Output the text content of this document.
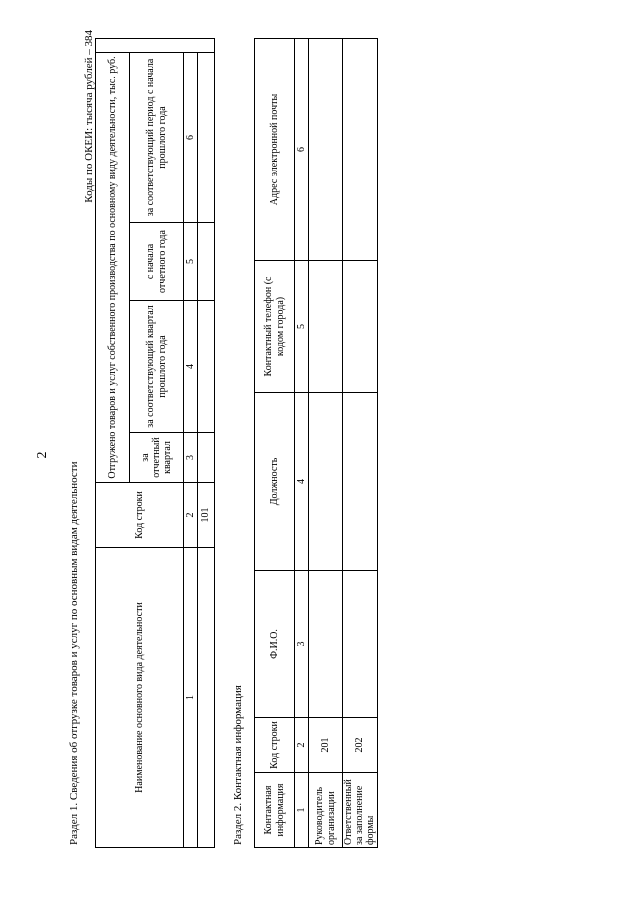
2
Раздел 1. Сведения об отгрузке товаров и услуг по основным видам деятельности
Коды по ОКЕИ: тысяча рублей – 384
Наименование основного вида деятельности	Код строки	Отгружено товаров и услуг собственного производства по основному виду деятельности, тыс. руб.				
		за отчетный квартал	за соответствующий квартал прошлого года	с начала отчетного года	за соответствующий период с начала прошлого года	
1	2	3	4	5	6	
	101					
Раздел 2. Контактная информация Контактная информация	Код строки	Ф.И.О.	Должность	Контактный телефон (с кодом города)	Адрес электронной почты
1	2	3	4	5	6
Руководитель организации	201				
Ответственный за заполнение формы	202				
